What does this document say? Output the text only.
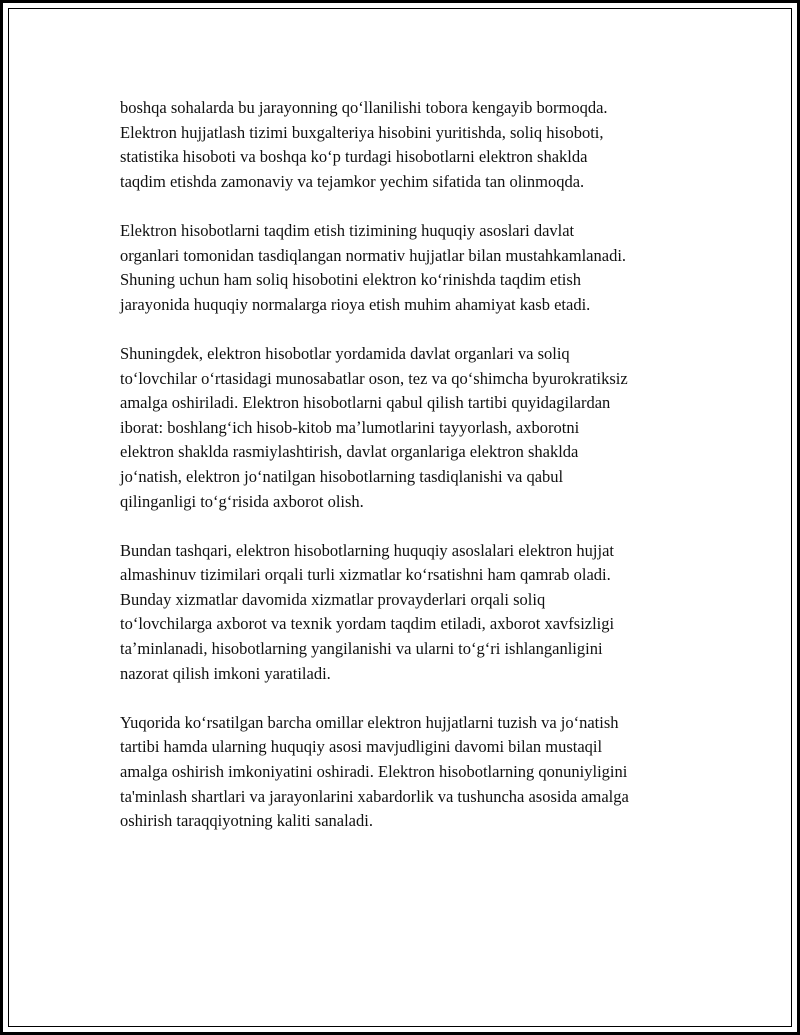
boshqa sohalarda bu jarayonning qoʻllanilishi tobora kengayib bormoqda.
Elektron hujjatlash tizimi buxgalteriya hisobini yuritishda, soliq hisoboti,
statistika hisoboti va boshqa koʻp turdagi hisobotlarni elektron shaklda
taqdim etishda zamonaviy va tejamkor yechim sifatida tan olinmoqda.
Elektron hisobotlarni taqdim etish tizimining huquqiy asoslari davlat
organlari tomonidan tasdiqlangan normativ hujjatlar bilan mustahkamlanadi.
Shuning uchun ham soliq hisobotini elektron koʻrinishda taqdim etish
jarayonida huquqiy normalarga rioya etish muhim ahamiyat kasb etadi.
Shuningdek, elektron hisobotlar yordamida davlat organlari va soliq
toʻlovchilar oʻrtasidagi munosabatlar oson, tez va qoʻshimcha byurokratiksiz
amalga oshiriladi. Elektron hisobotlarni qabul qilish tartibi quyidagilardan
iborat: boshlangʻich hisob-kitob maʼlumotlarini tayyorlash, axborotni
elektron shaklda rasmiylashtirish, davlat organlariga elektron shaklda
joʻnatish, elektron joʻnatilgan hisobotlarning tasdiqlanishi va qabul
qilinganligi toʻgʻrisida axborot olish.
Bundan tashqari, elektron hisobotlarning huquqiy asoslalari elektron hujjat
almashinuv tizimilari orqali turli xizmatlar koʻrsatishni ham qamrab oladi.
Bunday xizmatlar davomida xizmatlar provayderlari orqali soliq
toʻlovchilarga axborot va texnik yordam taqdim etiladi, axborot xavfsizligi
taʼminlanadi, hisobotlarning yangilanishi va ularni toʻgʻri ishlanganligini
nazorat qilish imkoni yaratiladi.
Yuqorida koʻrsatilgan barcha omillar elektron hujjatlarni tuzish va joʻnatish
tartibi hamda ularning huquqiy asosi mavjudligini davomi bilan mustaqil
amalga oshirish imkoniyatini oshiradi. Elektron hisobotlarning qonuniyligini
ta'minlash shartlari va jarayonlarini xabardorlik va tushuncha asosida amalga
oshirish taraqqiyotning kaliti sanaladi.
